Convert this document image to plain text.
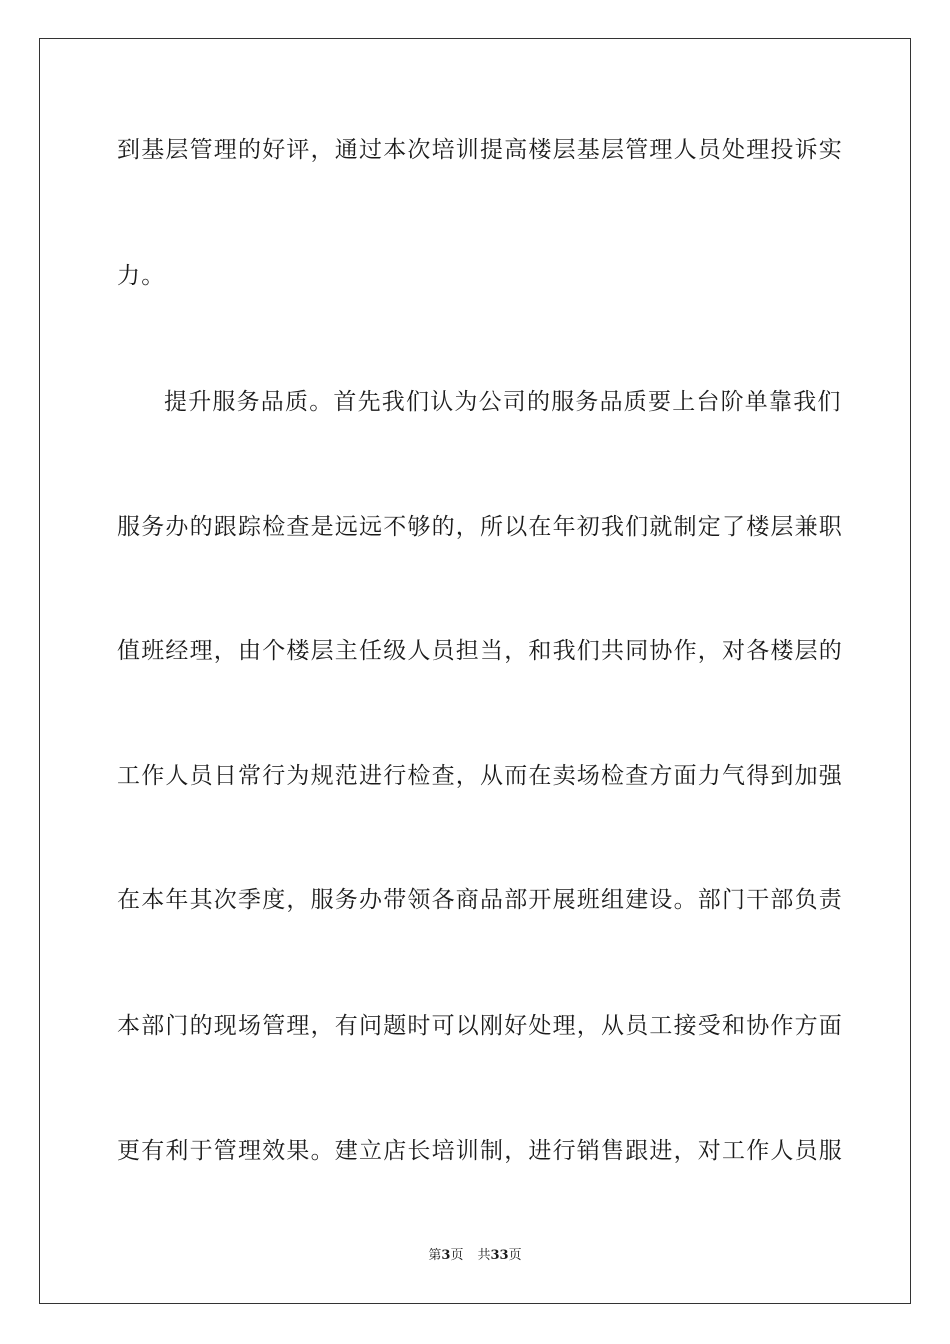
到基层管理的好评，通过本次培训提高楼层基层管理人员处理投诉实
力。
提升服务品质。首先我们认为公司的服务品质要上台阶单靠我们
服务办的跟踪检查是远远不够的，所以在年初我们就制定了楼层兼职
值班经理，由个楼层主任级人员担当，和我们共同协作，对各楼层的
工作人员日常行为规范进行检查，从而在卖场检查方面力气得到加强
在本年其次季度，服务办带领各商品部开展班组建设。部门干部负责
本部门的现场管理，有问题时可以刚好处理，从员工接受和协作方面
更有利于管理效果。建立店长培训制，进行销售跟进，对工作人员服
第3页 共33页
